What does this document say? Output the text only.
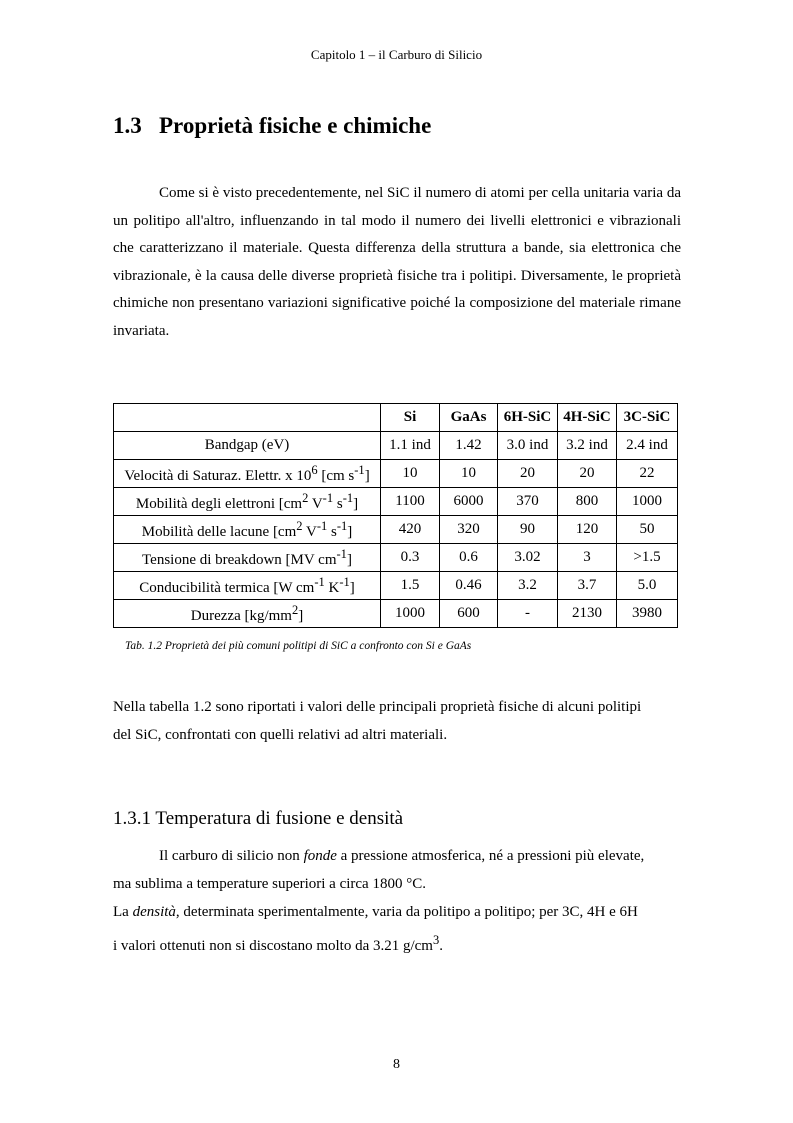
Capitolo 1 – il Carburo di Silicio
1.3 Proprietà fisiche e chimiche

Come si è visto precedentemente, nel SiC il numero di atomi per cella unitaria varia da un politipo all'altro, influenzando in tal modo il numero dei livelli elettronici e vibrazionali che caratterizzano il materiale. Questa differenza della struttura a bande, sia elettronica che vibrazionale, è la causa delle diverse proprietà fisiche tra i politipi. Diversamente, le proprietà chimiche non presentano variazioni significative poiché la composizione del materiale rimane invariata.

	Si	GaAs	6H-SiC	4H-SiC	3C-SiC
Bandgap (eV)	1.1 ind	1.42	3.0 ind	3.2 ind	2.4 ind
Velocità di Saturaz. Elettr. x $10^6$ [cm $s^{-1}$]	10	10	20	20	22
Mobilità degli elettroni [$cm^2$ $V^{-1}$ $s^{-1}$]	1100	6000	370	800	1000
Mobilità delle lacune [$cm^2$ $V^{-1}$ $s^{-1}$]	420	320	90	120	50
Tensione di breakdown [MV $cm^{-1}$]	0.3	0.6	3.02	3	>1.5
Conducibilità termica [W $cm^{-1}$ $K^{-1}$]	1.5	0.46	3.2	3.7	5.0
Durezza $[kg/mm^2]$	1000	600	-	2130	3980
Tab. 1.2 Proprietà dei più comuni politipi di SiC a confronto con Si e GaAs

Nella tabella 1.2 sono riportati i valori delle principali proprietà fisiche di alcuni politipi
del SiC, confrontati con quelli relativi ad altri materiali.

1.3.1 Temperatura di fusione e densità

Il carburo di silicio non fonde a pressione atmosferica, né a pressioni più elevate,
ma sublima a temperature superiori a circa 1800 °C.
La densità, determinata sperimentalmente, varia da politipo a politipo; per 3C, 4H e 6H
i valori ottenuti non si discostano molto da 3.21 $g/cm^3$.

8
